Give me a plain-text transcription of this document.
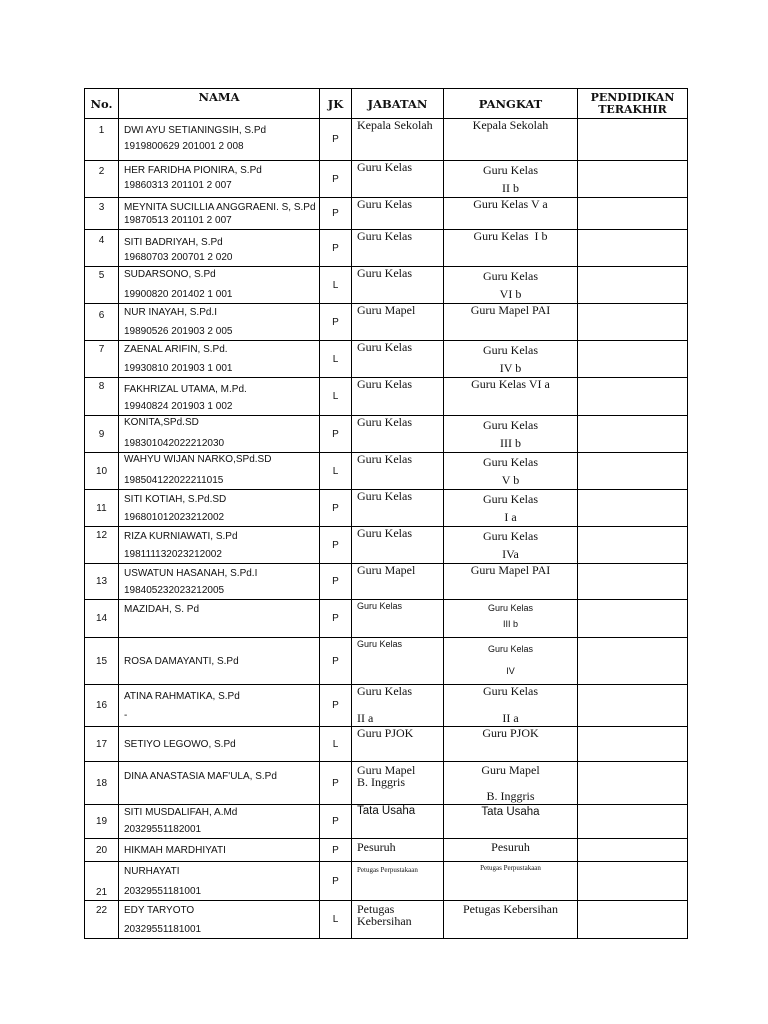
No.	NAMA	JK	JABATAN	PANGKAT	PENDIDIKAN
TERAKHIR
1	DWI AYU SETIANINGSIH, S.Pd
1919800629 201001 2 008	P	Kepala Sekolah	Kepala Sekolah	
2	HER FARIDHA PIONIRA, S.Pd
19860313 201101 2 007	P	Guru Kelas	Guru Kelas
II b	
3	MEYNITA SUCILLIA ANGGRAENI. S, S.Pd
19870513 201101 2 007	P	Guru Kelas	Guru Kelas V a	
4	SITI BADRIYAH, S.Pd
19680703 200701 2 020	P	Guru Kelas	Guru Kelas  I b	
5	SUDARSONO, S.Pd
19900820 201402 1 001	L	Guru Kelas	Guru Kelas
VI b	
6	NUR INAYAH, S.Pd.I
19890526 201903 2 005	P	Guru Mapel	Guru Mapel PAI	
7	ZAENAL ARIFIN, S.Pd.
19930810 201903 1 001	L	Guru Kelas	Guru Kelas
IV b	
8	FAKHRIZAL UTAMA, M.Pd.
19940824 201903 1 002	L	Guru Kelas	Guru Kelas VI a	
9	KONITA,SPd.SD
198301042022212030	P	Guru Kelas	Guru Kelas
III b	
10	WAHYU WIJAN NARKO,SPd.SD
198504122022211015	L	Guru Kelas	Guru Kelas
V b	
11	SITI KOTIAH, S.Pd.SD
196801012023212002	P	Guru Kelas	Guru Kelas
I a	
12	RIZA KURNIAWATI, S.Pd
198111132023212002	P	Guru Kelas	Guru Kelas
IVa	
13	USWATUN HASANAH, S.Pd.I
198405232023212005	P	Guru Mapel	Guru Mapel PAI	
14	MAZIDAH, S. Pd	P	Guru Kelas	Guru Kelas
III b	
15	ROSA DAMAYANTI, S.Pd	P	Guru Kelas	Guru Kelas
IV	
16	ATINA RAHMATIKA, S.Pd
-	P	Guru Kelas
II a	Guru Kelas
II a	

17	SETIYO LEGOWO, S.Pd	L	Guru PJOK	Guru PJOK	
18	DINA ANASTASIA MAF'ULA, S.Pd	P	Guru Mapel
B. Inggris	Guru Mapel
B. Inggris	

19	SITI MUSDALIFAH, A.Md
20329551182001	P	Tata Usaha	Tata Usaha	
20	HIKMAH MARDHIYATI	P	Pesuruh	Pesuruh	
21	NURHAYATI
20329551181001	P	Petugas Perpustakaan	Petugas Perpustakaan	
22	EDY TARYOTO
20329551181001	L	Petugas
Kebersihan	Petugas Kebersihan	
